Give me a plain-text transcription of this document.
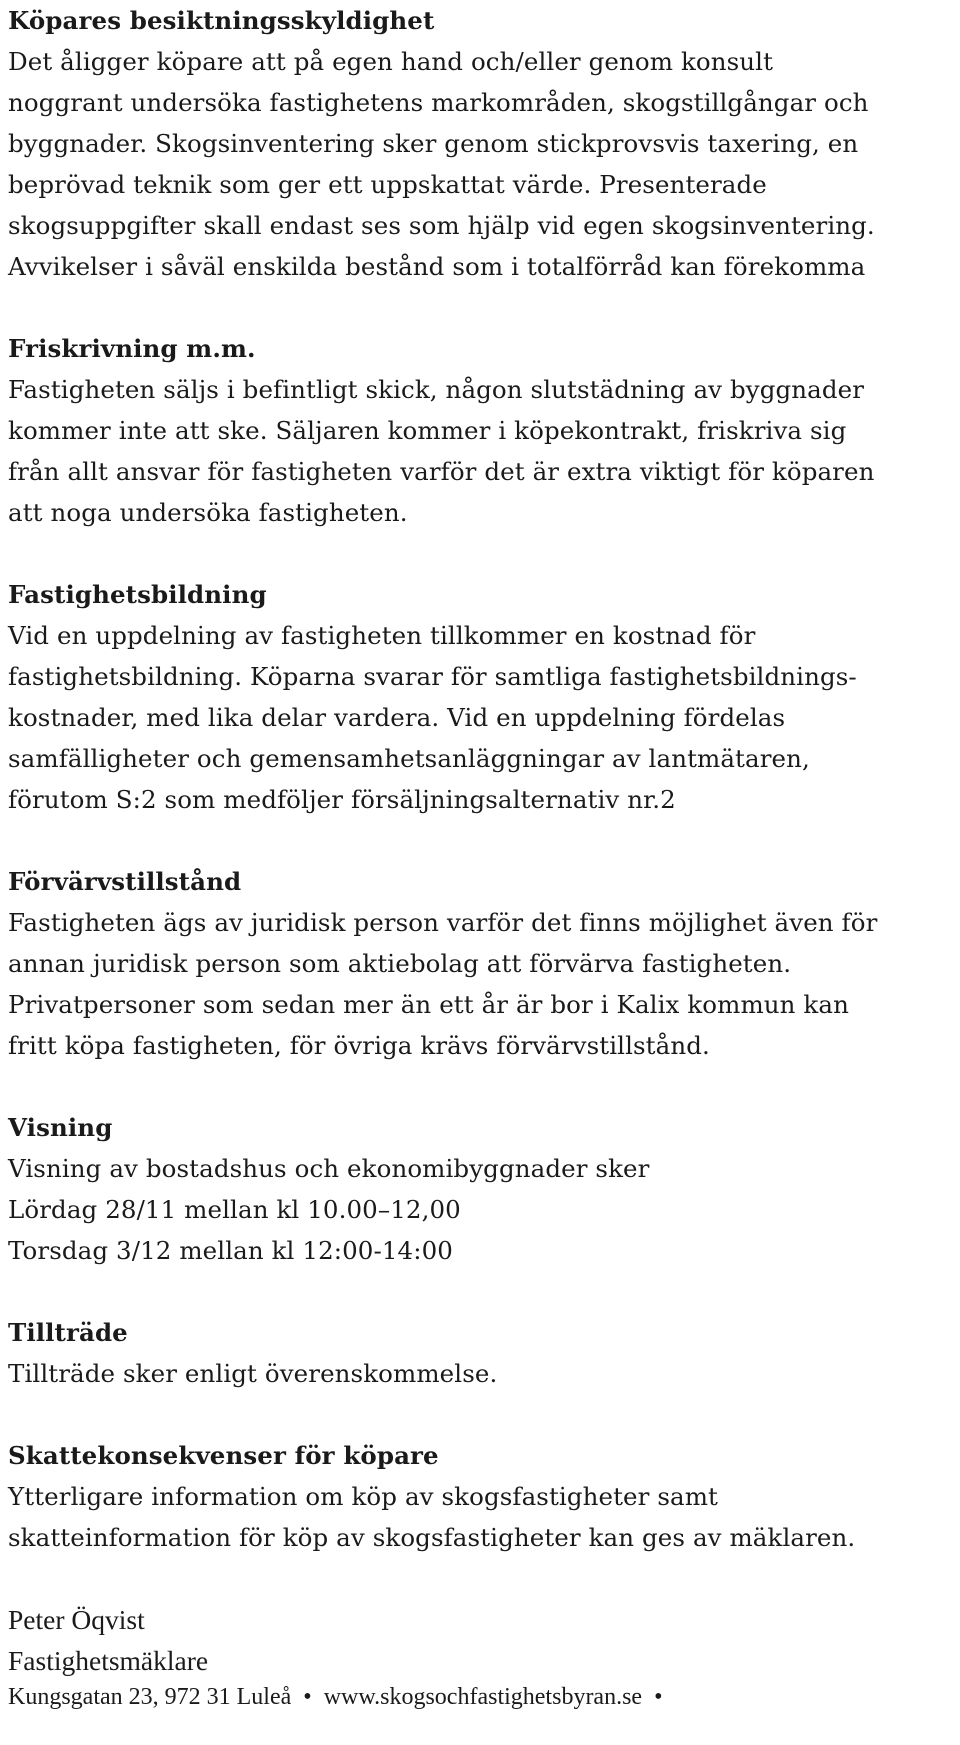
Köpares besiktningsskyldighet
Det åligger köpare att på egen hand och/eller genom konsult
noggrant undersöka fastighetens markområden, skogstillgångar och
byggnader. Skogsinventering sker genom stickprovsvis taxering, en
beprövad teknik som ger ett uppskattat värde. Presenterade
skogsuppgifter skall endast ses som hjälp vid egen skogsinventering.
Avvikelser i såväl enskilda bestånd som i totalförråd kan förekomma
Friskrivning m.m.
Fastigheten säljs i befintligt skick, någon slutstädning av byggnader
kommer inte att ske. Säljaren kommer i köpekontrakt, friskriva sig
från allt ansvar för fastigheten varför det är extra viktigt för köparen
att noga undersöka fastigheten.
Fastighetsbildning
Vid en uppdelning av fastigheten tillkommer en kostnad för
fastighetsbildning. Köparna svarar för samtliga fastighetsbildnings-
kostnader, med lika delar vardera. Vid en uppdelning fördelas
samfälligheter och gemensamhetsanläggningar av lantmätaren,
förutom S:2 som medföljer försäljningsalternativ nr.2
Förvärvstillstånd
Fastigheten ägs av juridisk person varför det finns möjlighet även för
annan juridisk person som aktiebolag att förvärva fastigheten.
Privatpersoner som sedan mer än ett år är bor i Kalix kommun kan
fritt köpa fastigheten, för övriga krävs förvärvstillstånd.
Visning
Visning av bostadshus och ekonomibyggnader sker
Lördag 28/11 mellan kl 10.00–12,00
Torsdag 3/12 mellan kl 12:00-14:00
Tillträde
Tillträde sker enligt överenskommelse.
Skattekonsekvenser för köpare
Ytterligare information om köp av skogsfastigheter samt
skatteinformation för köp av skogsfastigheter kan ges av mäklaren.
Peter Öqvist
Fastighetsmäklare
Kungsgatan 23, 972 31 Luleå • www.skogsochfastighetsbyran.se •
